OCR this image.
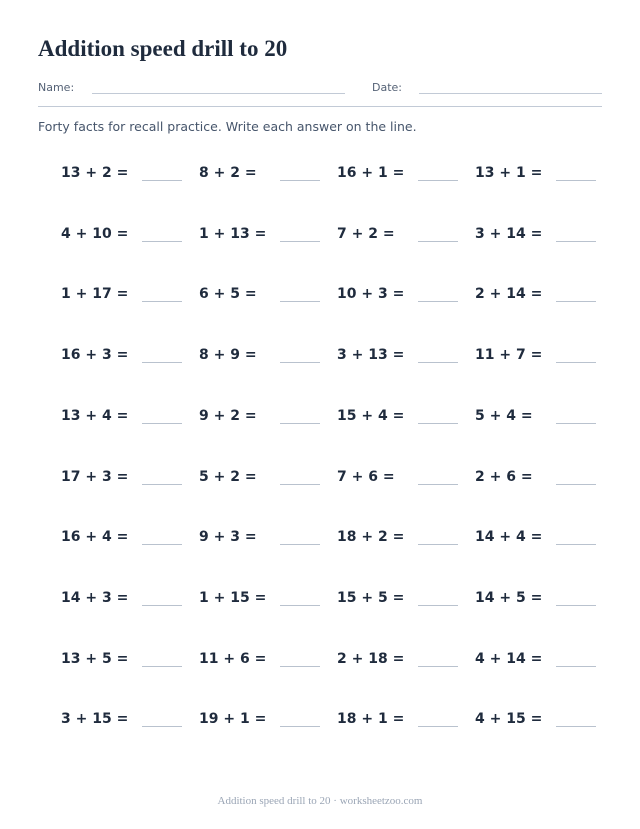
Addition speed drill to 20
Name:	Date:
Forty facts for recall practice. Write each answer on the line.
13 + 2 =	8 + 2 =	16 + 1 =	13 + 1 =
4 + 10 =	1 + 13 =	7 + 2 =	3 + 14 =
1 + 17 =	6 + 5 =	10 + 3 =	2 + 14 =
16 + 3 =	8 + 9 =	3 + 13 =	11 + 7 =
13 + 4 =	9 + 2 =	15 + 4 =	5 + 4 =
17 + 3 =	5 + 2 =	7 + 6 =	2 + 6 =
16 + 4 =	9 + 3 =	18 + 2 =	14 + 4 =
14 + 3 =	1 + 15 =	15 + 5 =	14 + 5 =
13 + 5 =	11 + 6 =	2 + 18 =	4 + 14 =
3 + 15 =	19 + 1 =	18 + 1 =	4 + 15 =
Addition speed drill to 20 · worksheetzoo.com
